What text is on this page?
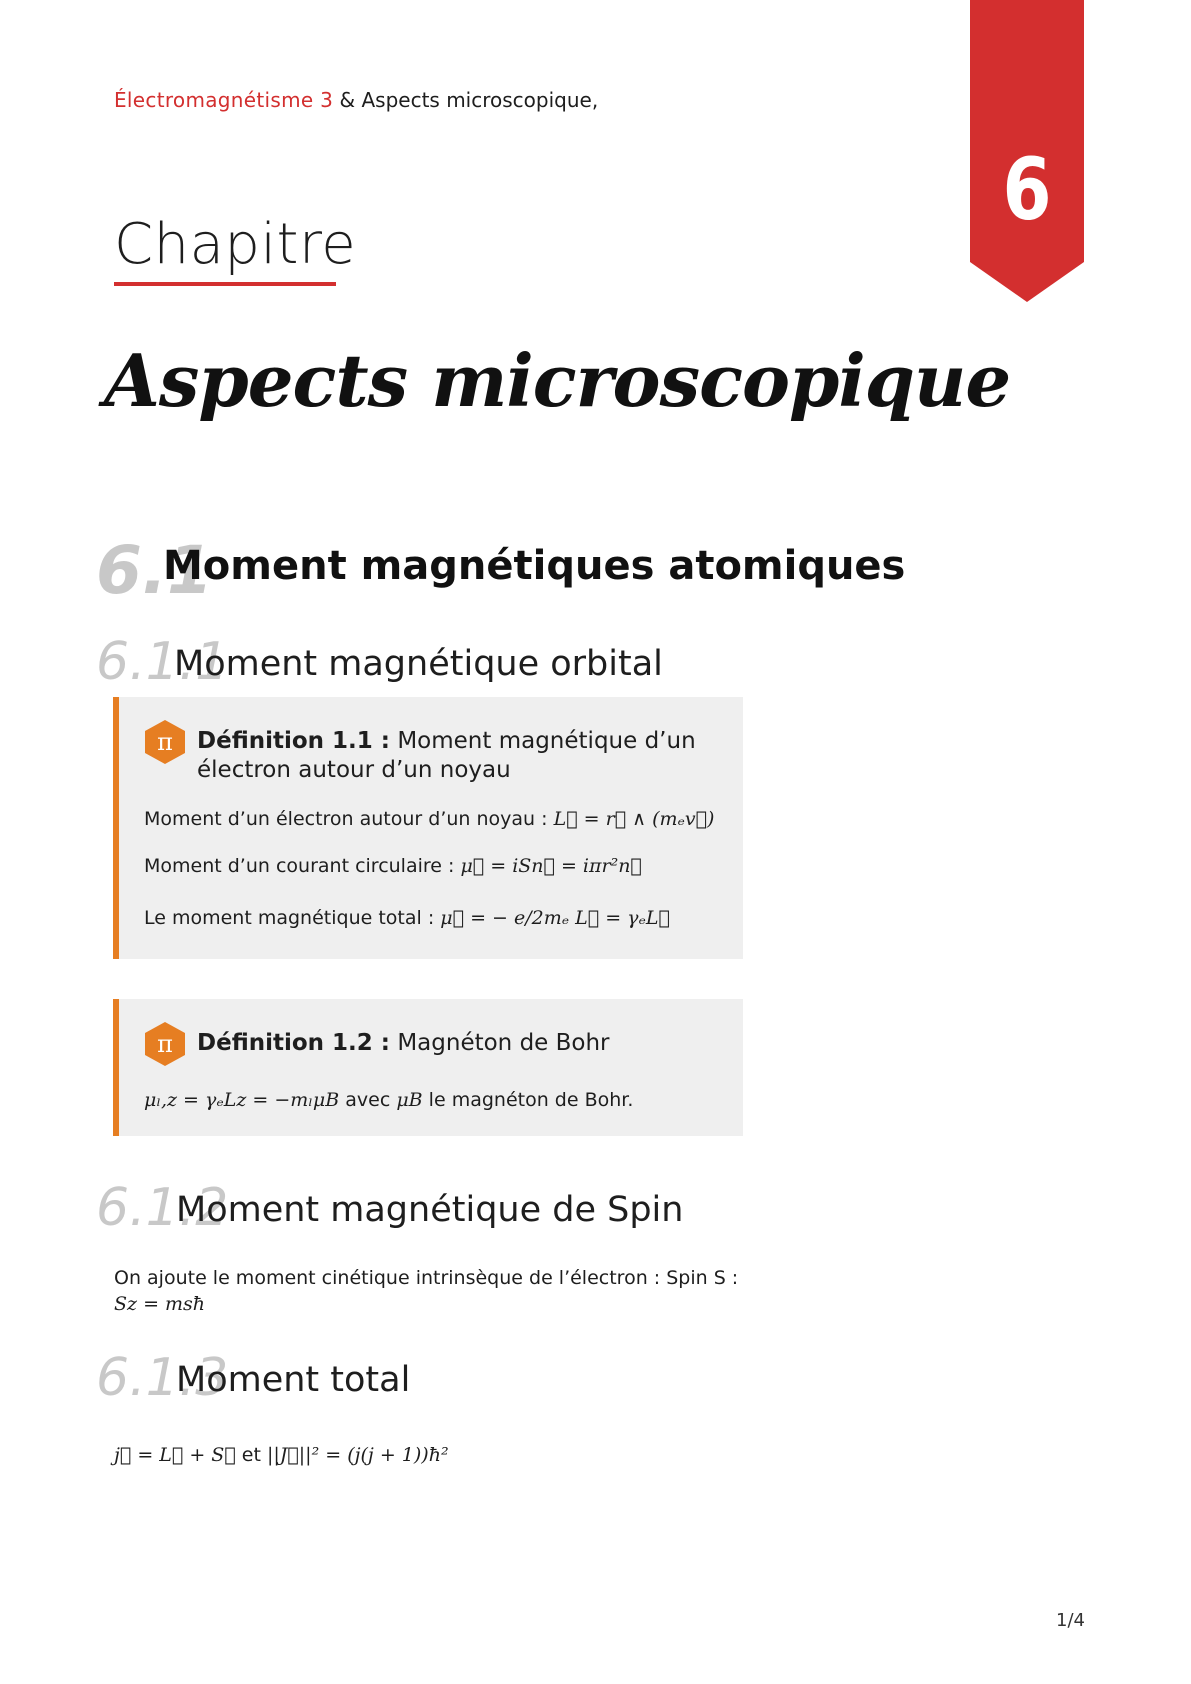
Électromagnétisme 3 & Aspects microscopique,
6
Chapitre
Aspects microscopique
6.1
Moment magnétiques atomiques
6.1.1
Moment magnétique orbital
π Définition 1.1 : Moment magnétique d’un électron autour d’un noyau
Moment d’un électron autour d’un noyau : L⃗ = r⃗ ∧ (mₑv⃗)
Moment d’un courant circulaire : μ⃗ = iSn⃗ = iπr²n⃗
Le moment magnétique total : μ⃗ = − e/2mₑ L⃗ = γₑL⃗
π Définition 1.2 : Magnéton de Bohr
μₗ,z = γₑLz = −mₗμB avec μB le magnéton de Bohr.
6.1.2
Moment magnétique de Spin
On ajoute le moment cinétique intrinsèque de l’électron : Spin S : Sz = msħ
6.1.3
Moment total
j⃗ = L⃗ + S⃗ et ||J⃗||² = (j(j + 1))ħ²
1/4
